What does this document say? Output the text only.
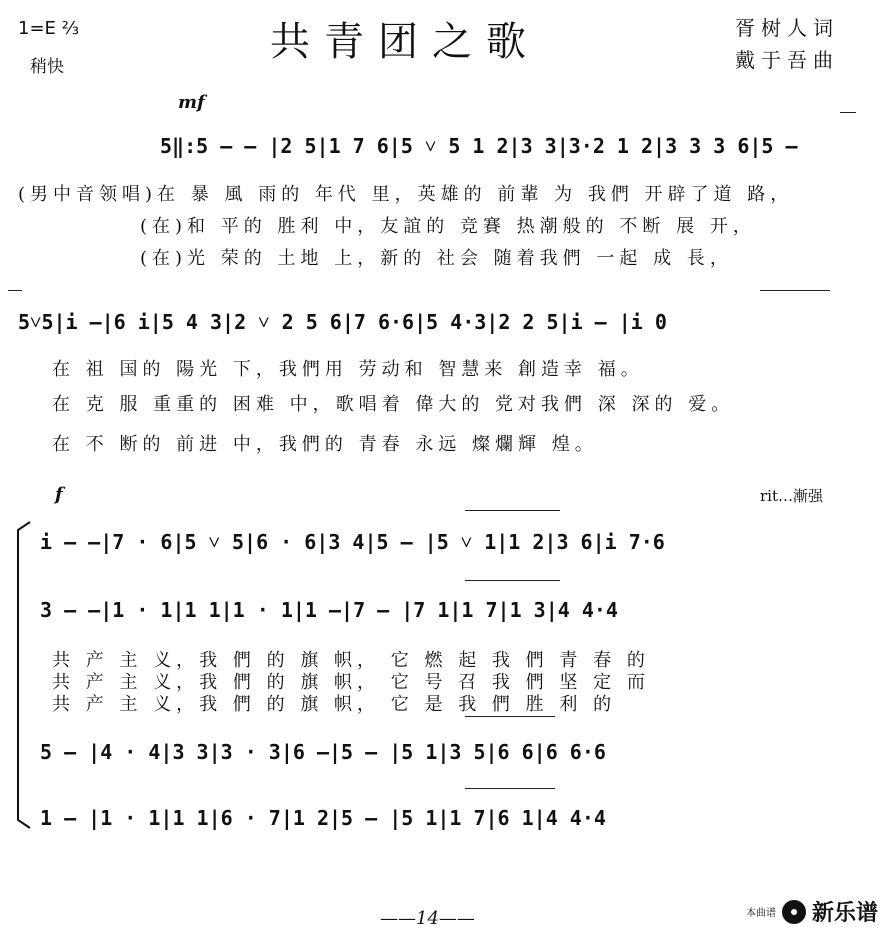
1=E ⅔
稍快
共青团之歌	胥树人词
戴于吾曲
mf
5‖:5 — — |2 5|1 7 6|5 ˅ 5 1 2|3 3|3·2 1 2|3 3 3 6|5 —
(男中音领唱)在 暴 風 雨的 年代 里，英雄的 前輩 为 我們 开辟了道 路，
(在)和 平的 胜利 中，友誼的 竞賽 热潮般的 不断 展 开，
(在)光 荣的 土地 上，新的 社会 随着我們 一起 成 長，
5˅5|i —|6 i|5 4 3|2 ˅ 2 5 6|7 6·6|5 4·3|2 2 5|i — |i 0
在 祖 国的 陽光 下，我們用 劳动和 智慧来 創造幸 福。
在 克 服 重重的 困难 中，歌唱着 偉大的 党对我們 深 深的 爱。
在 不 断的 前进 中，我們的 青春 永远 燦爛輝 煌。
f	rit…漸强
i — —|7 · 6|5 ˅ 5|6 · 6|3 4|5 — |5 ˅ 1|1 2|3 6|i 7·6
3 — —|1 · 1|1 1|1 · 1|1 —|7 — |7 1|1 7|1 3|4 4·4
共 产 主 义，我 們 的 旗 帜， 它 燃 起 我 們 青 春 的
共 产 主 义，我 們 的 旗 帜， 它 号 召 我 們 坚 定 而
共 产 主 义，我 們 的 旗 帜， 它 是 我 們 胜 利 的
5 — |4 · 4|3 3|3 · 3|6 —|5 — |5 1|3 5|6 6|6 6·6
1 — |1 · 1|1 1|6 · 7|1 2|5 — |5 1|1 7|6 1|4 4·4
——14——	本曲谱 新乐谱
